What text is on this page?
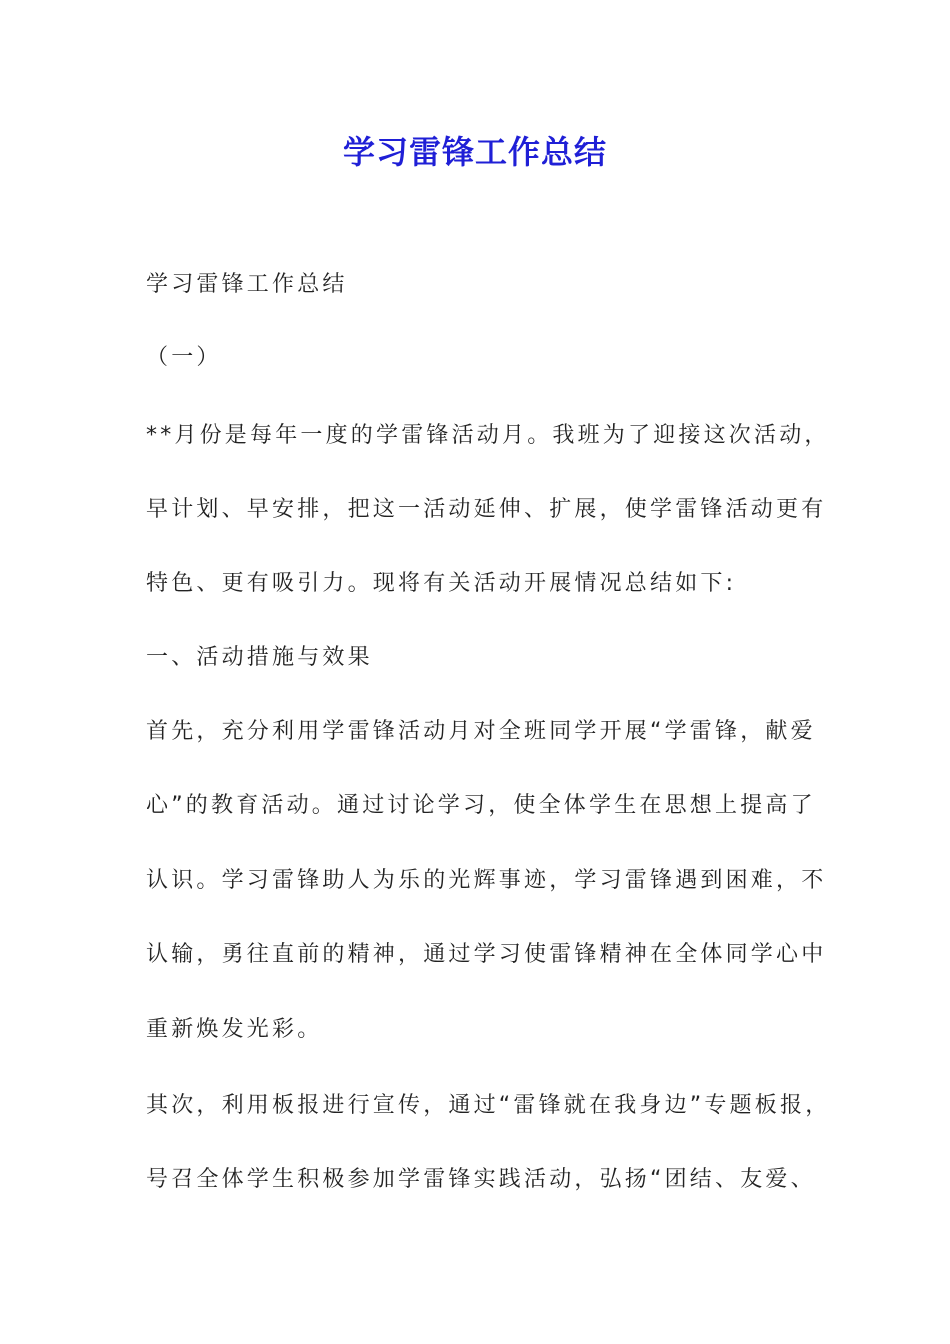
学习雷锋工作总结
学习雷锋工作总结
（一）
**月份是每年一度的学雷锋活动月。我班为了迎接这次活动，
早计划、早安排，把这一活动延伸、扩展，使学雷锋活动更有
特色、更有吸引力。现将有关活动开展情况总结如下:
一、活动措施与效果
首先，充分利用学雷锋活动月对全班同学开展“学雷锋，献爱
心”的教育活动。通过讨论学习，使全体学生在思想上提高了
认识。学习雷锋助人为乐的光辉事迹，学习雷锋遇到困难，不
认输，勇往直前的精神，通过学习使雷锋精神在全体同学心中
重新焕发光彩。
其次，利用板报进行宣传，通过“雷锋就在我身边”专题板报，
号召全体学生积极参加学雷锋实践活动，弘扬“团结、友爱、
